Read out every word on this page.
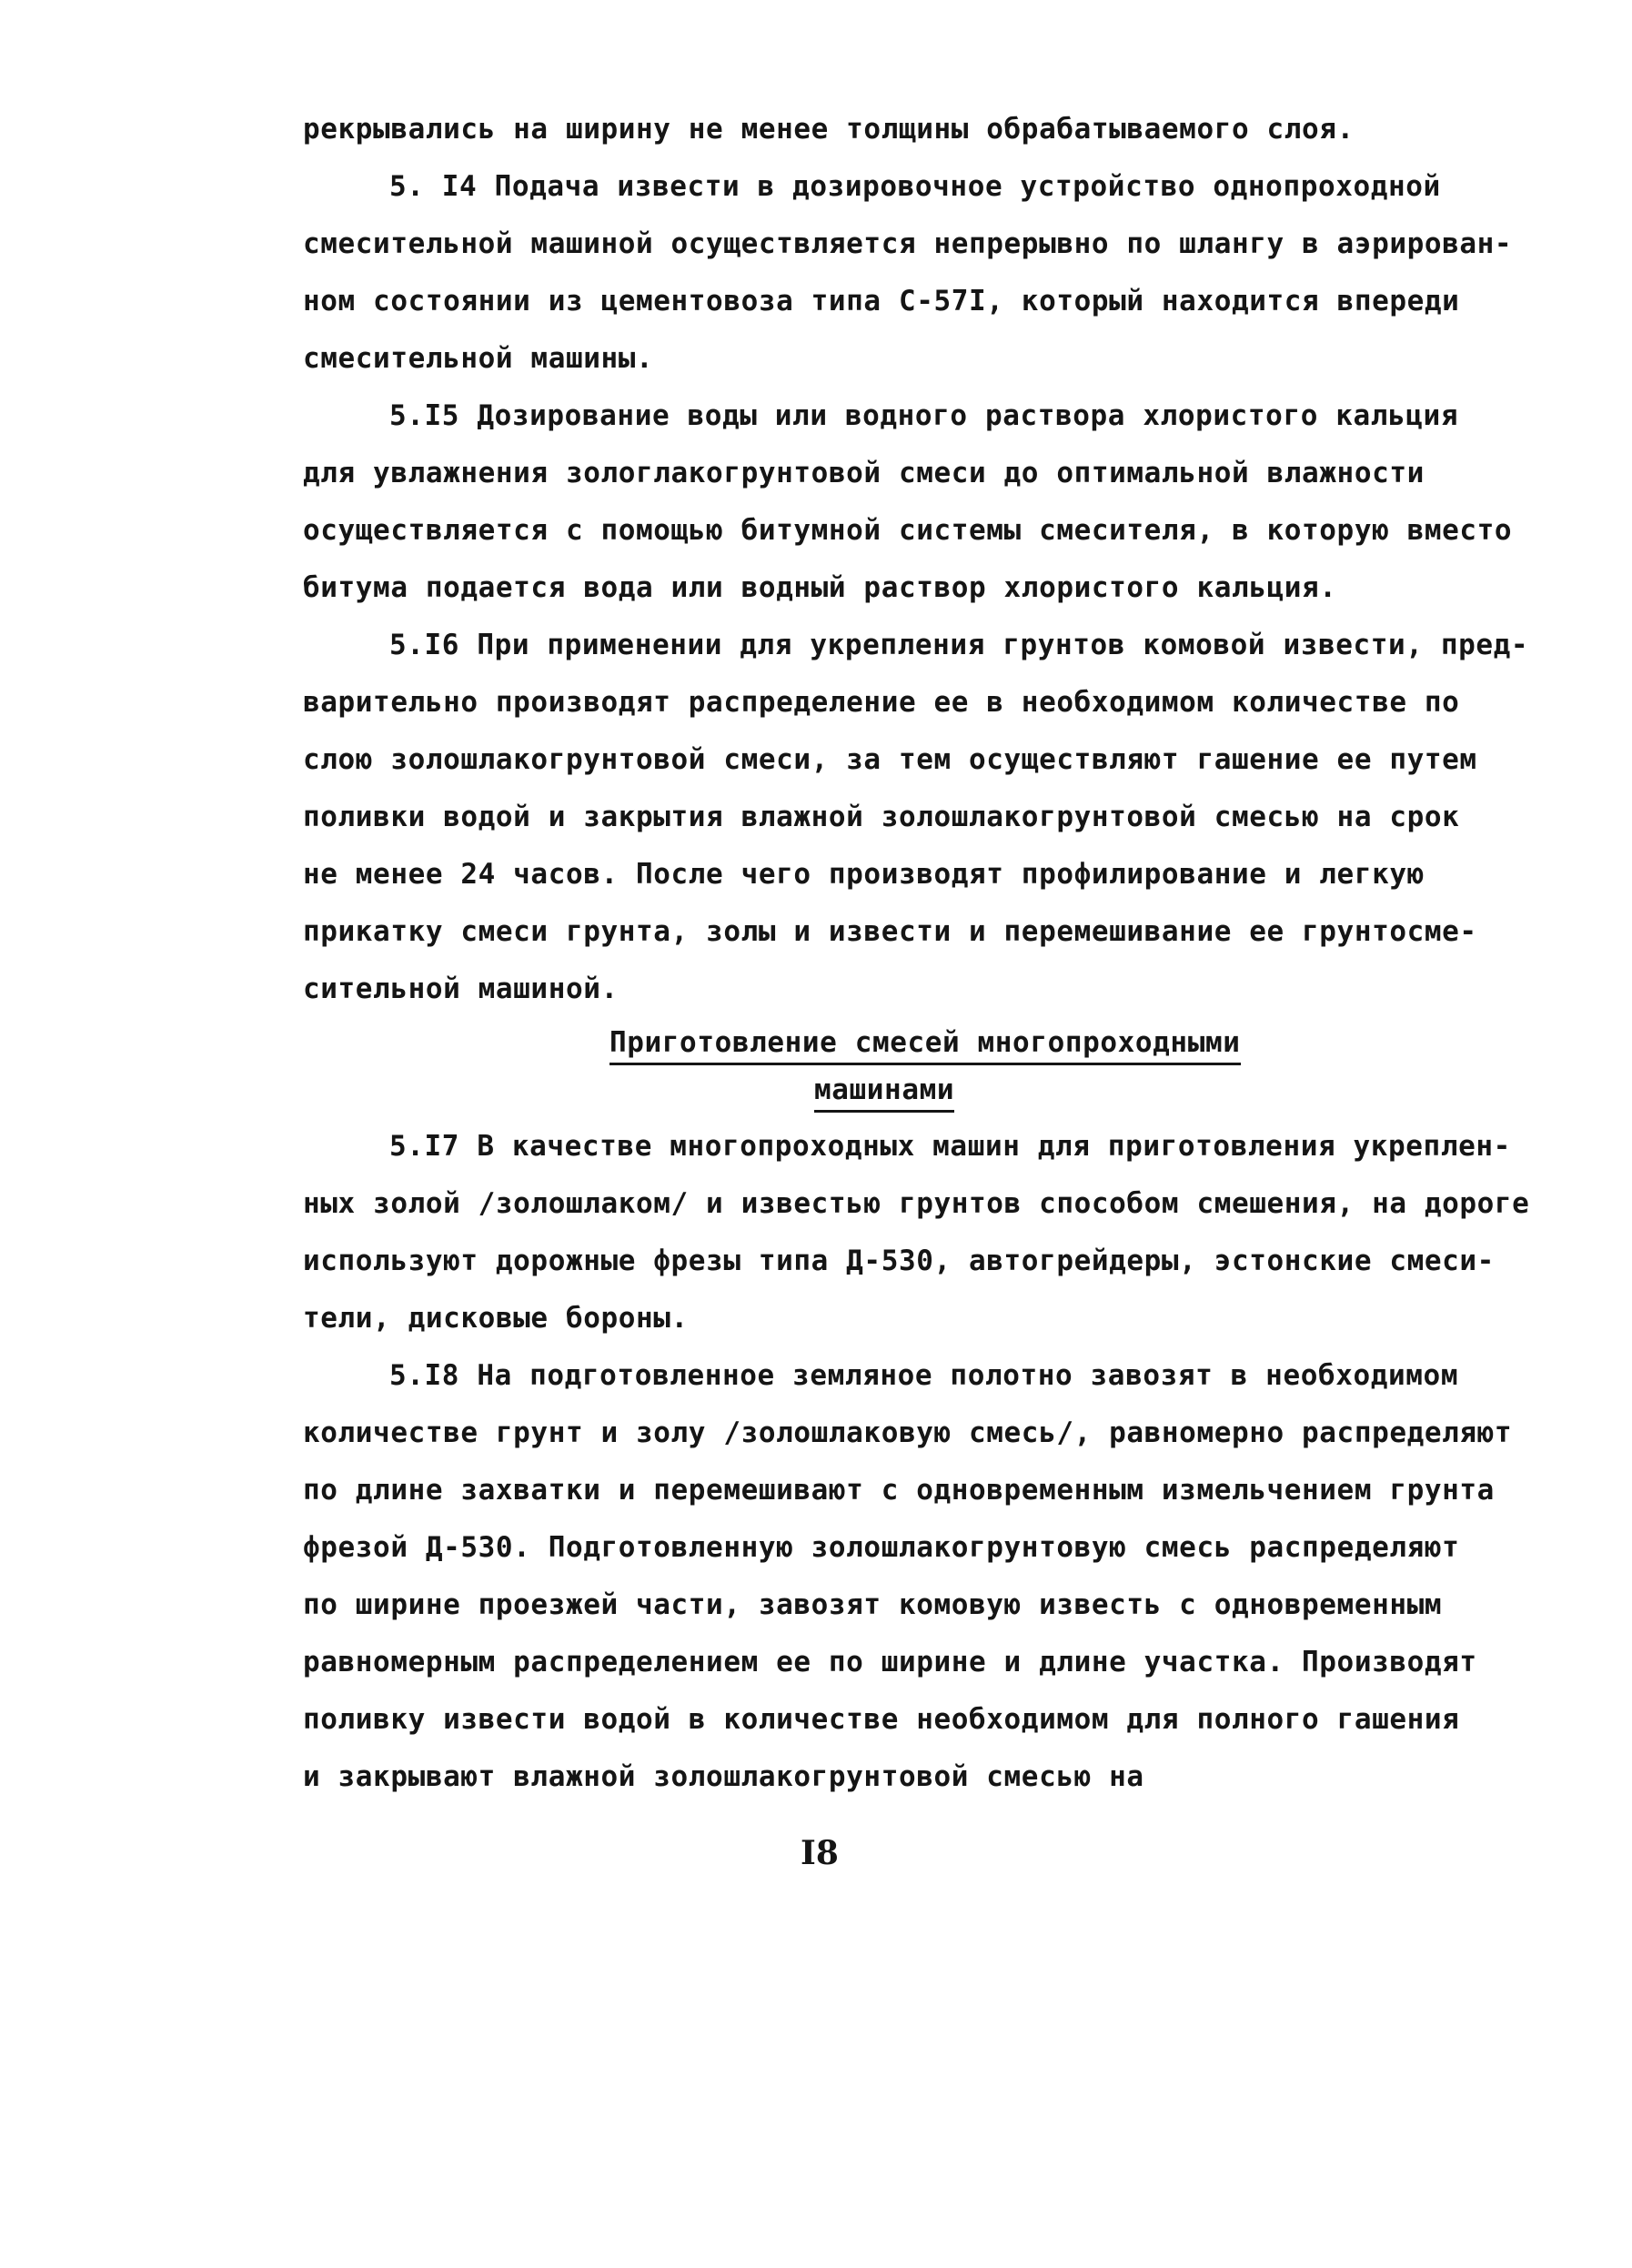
рекрывались на ширину не менее толщины обрабатываемого слоя.
5. I4 Подача извести в дозировочное устройство однопроходной
смесительной машиной осуществляется непрерывно по шлангу в аэрирован-
ном состоянии из цементовоза типа С-57I, который находится впереди
смесительной машины.
5.I5 Дозирование воды или водного раствора хлористого кальция
для увлажнения зологлакогрунтовой смеси до оптимальной влажности
осуществляется с помощью битумной системы смесителя, в которую вместо
битума подается вода или водный раствор хлористого кальция.
5.I6 При применении для укрепления грунтов комовой извести, пред-
варительно производят распределение ее в необходимом количестве по
слою золошлакогрунтовой смеси, за тем осуществляют гашение ее путем
поливки водой и закрытия влажной золошлакогрунтовой смесью на срок
не менее 24 часов. После чего производят профилирование и легкую
прикатку смеси грунта, золы и извести и перемешивание ее грунтосме-
сительной машиной.
Приготовление смесей многопроходными
машинами
5.I7 В качестве многопроходных машин для приготовления укреплен-
ных золой /золошлаком/ и известью грунтов способом смешения, на дороге
используют дорожные фрезы типа Д-530, автогрейдеры, эстонские смеси-
тели, дисковые бороны.
5.I8 На подготовленное земляное полотно завозят в необходимом
количестве грунт и золу /золошлаковую смесь/, равномерно распределяют
по длине захватки и перемешивают с одновременным измельчением грунта
фрезой Д-530. Подготовленную золошлакогрунтовую смесь распределяют
по ширине проезжей части, завозят комовую известь с одновременным
равномерным распределением ее по ширине и длине участка. Производят
поливку извести водой в количестве необходимом для полного гашения
и закрывают влажной золошлакогрунтовой смесью на
I8
